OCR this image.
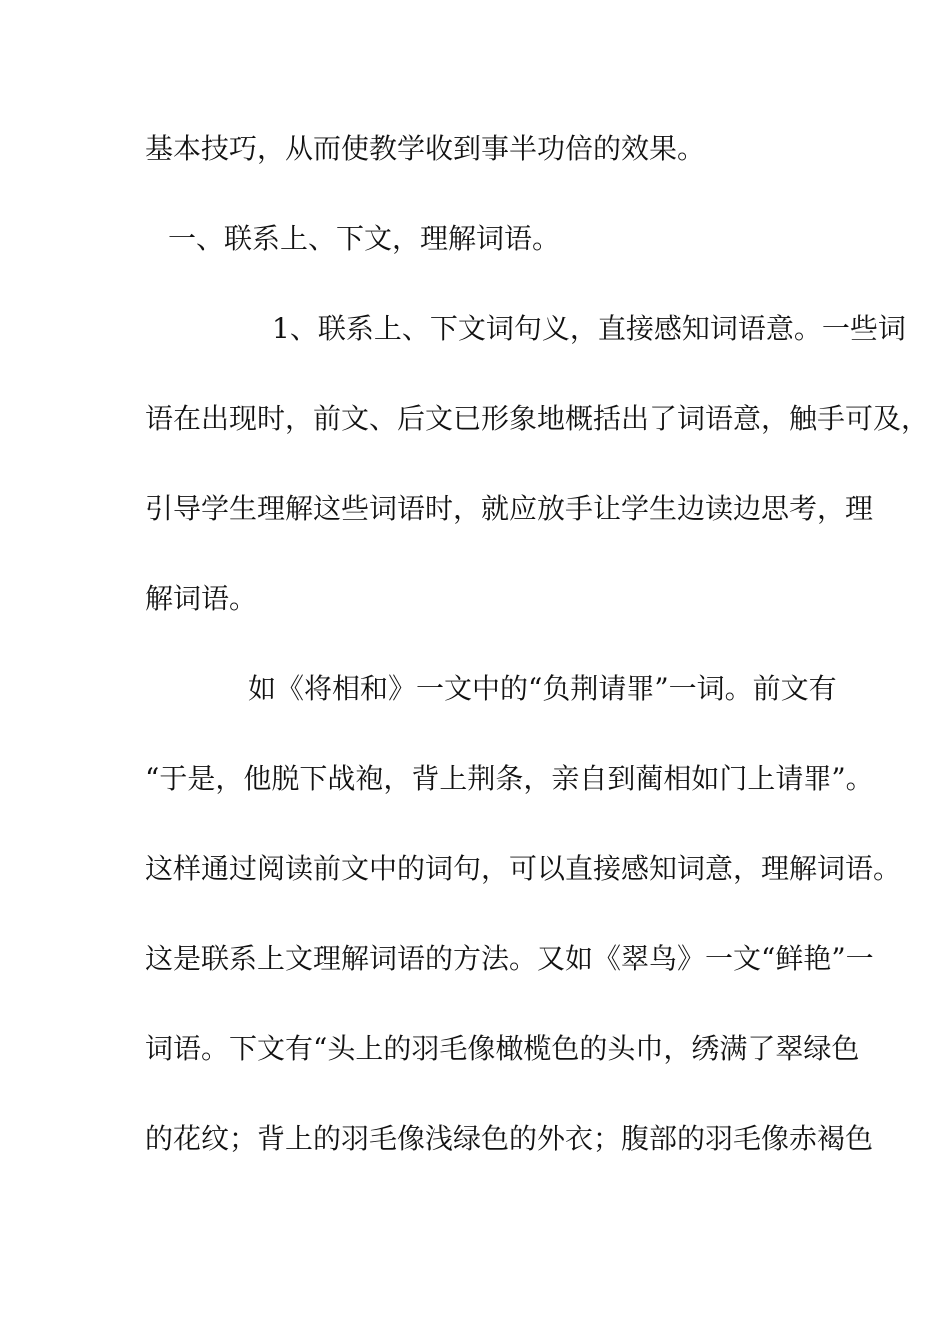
基本技巧，从而使教学收到事半功倍的效果。
一、联系上、下文，理解词语。
1、联系上、下文词句义，直接感知词语意。一些词
语在出现时，前文、后文已形象地概括出了词语意，触手可及，
引导学生理解这些词语时，就应放手让学生边读边思考，理
解词语。
如《将相和》一文中的“负荆请罪”一词。前文有
“于是，他脱下战袍，背上荆条，亲自到蔺相如门上请罪”。
这样通过阅读前文中的词句，可以直接感知词意，理解词语。
这是联系上文理解词语的方法。又如《翠鸟》一文“鲜艳”一
词语。下文有“头上的羽毛像橄榄色的头巾，绣满了翠绿色
的花纹；背上的羽毛像浅绿色的外衣；腹部的羽毛像赤褐色
